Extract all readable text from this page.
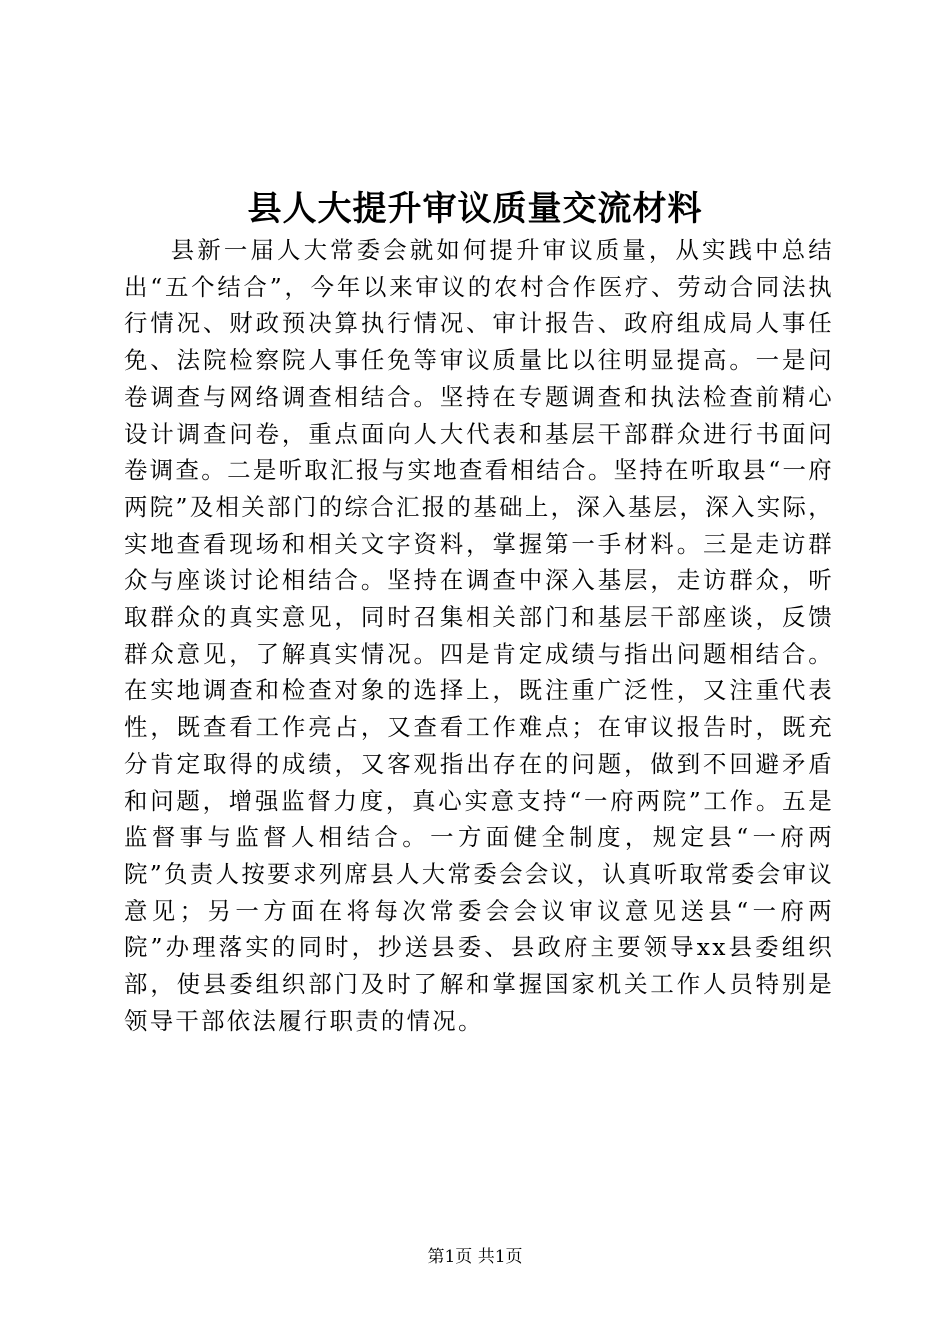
县人大提升审议质量交流材料
县新一届人大常委会就如何提升审议质量，从实践中总结出“五个结合”，今年以来审议的农村合作医疗、劳动合同法执行情况、财政预决算执行情况、审计报告、政府组成局人事任免、法院检察院人事任免等审议质量比以往明显提高。一是问卷调查与网络调查相结合。坚持在专题调查和执法检查前精心设计调查问卷，重点面向人大代表和基层干部群众进行书面问卷调查。二是听取汇报与实地查看相结合。坚持在听取县“一府两院”及相关部门的综合汇报的基础上，深入基层，深入实际，实地查看现场和相关文字资料，掌握第一手材料。三是走访群众与座谈讨论相结合。坚持在调查中深入基层，走访群众，听取群众的真实意见，同时召集相关部门和基层干部座谈，反馈群众意见，了解真实情况。四是肯定成绩与指出问题相结合。在实地调查和检查对象的选择上，既注重广泛性，又注重代表性，既查看工作亮占，又查看工作难点；在审议报告时，既充分肯定取得的成绩，又客观指出存在的问题，做到不回避矛盾和问题，增强监督力度，真心实意支持“一府两院”工作。五是监督事与监督人相结合。一方面健全制度，规定县“一府两院”负责人按要求列席县人大常委会会议，认真听取常委会审议意见；另一方面在将每次常委会会议审议意见送县“一府两院”办理落实的同时，抄送县委、县政府主要领导xx县委组织部，使县委组织部门及时了解和掌握国家机关工作人员特别是领导干部依法履行职责的情况。
第1页 共1页
